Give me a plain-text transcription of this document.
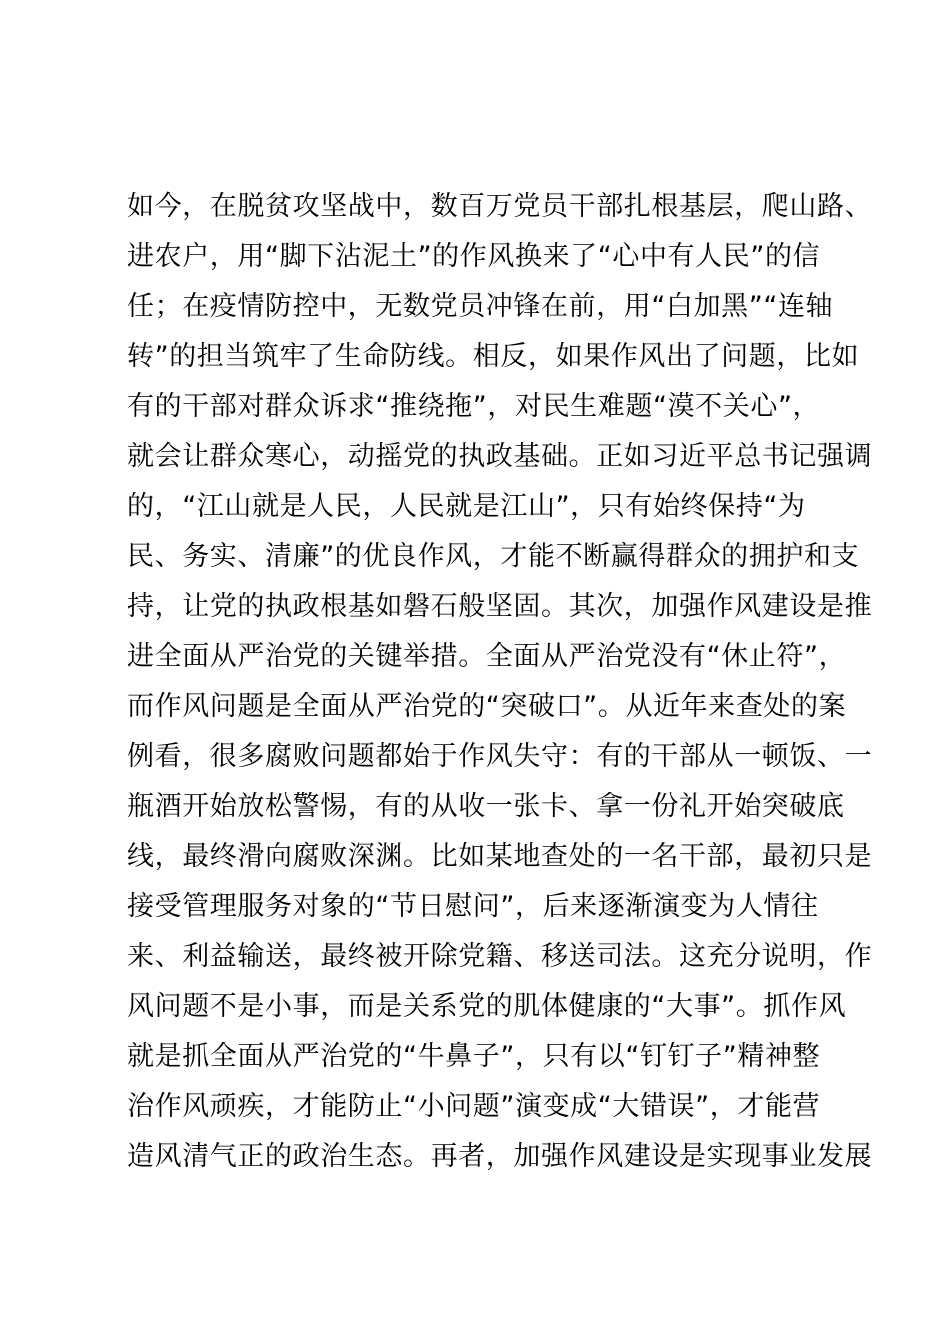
如今，在脱贫攻坚战中，数百万党员干部扎根基层，爬山路、
进农户，用“脚下沾泥土”的作风换来了“心中有人民”的信
任；在疫情防控中，无数党员冲锋在前，用“白加黑”“连轴
转”的担当筑牢了生命防线。相反，如果作风出了问题，比如
有的干部对群众诉求“推绕拖”，对民生难题“漠不关心”，
就会让群众寒心，动摇党的执政基础。正如习近平总书记强调
的，“江山就是人民，人民就是江山”，只有始终保持“为
民、务实、清廉”的优良作风，才能不断赢得群众的拥护和支
持，让党的执政根基如磐石般坚固。其次，加强作风建设是推
进全面从严治党的关键举措。全面从严治党没有“休止符”，
而作风问题是全面从严治党的“突破口”。从近年来查处的案
例看，很多腐败问题都始于作风失守：有的干部从一顿饭、一
瓶酒开始放松警惕，有的从收一张卡、拿一份礼开始突破底
线，最终滑向腐败深渊。比如某地查处的一名干部，最初只是
接受管理服务对象的“节日慰问”，后来逐渐演变为人情往
来、利益输送，最终被开除党籍、移送司法。这充分说明，作
风问题不是小事，而是关系党的肌体健康的“大事”。抓作风
就是抓全面从严治党的“牛鼻子”，只有以“钉钉子”精神整
治作风顽疾，才能防止“小问题”演变成“大错误”，才能营
造风清气正的政治生态。再者，加强作风建设是实现事业发展
